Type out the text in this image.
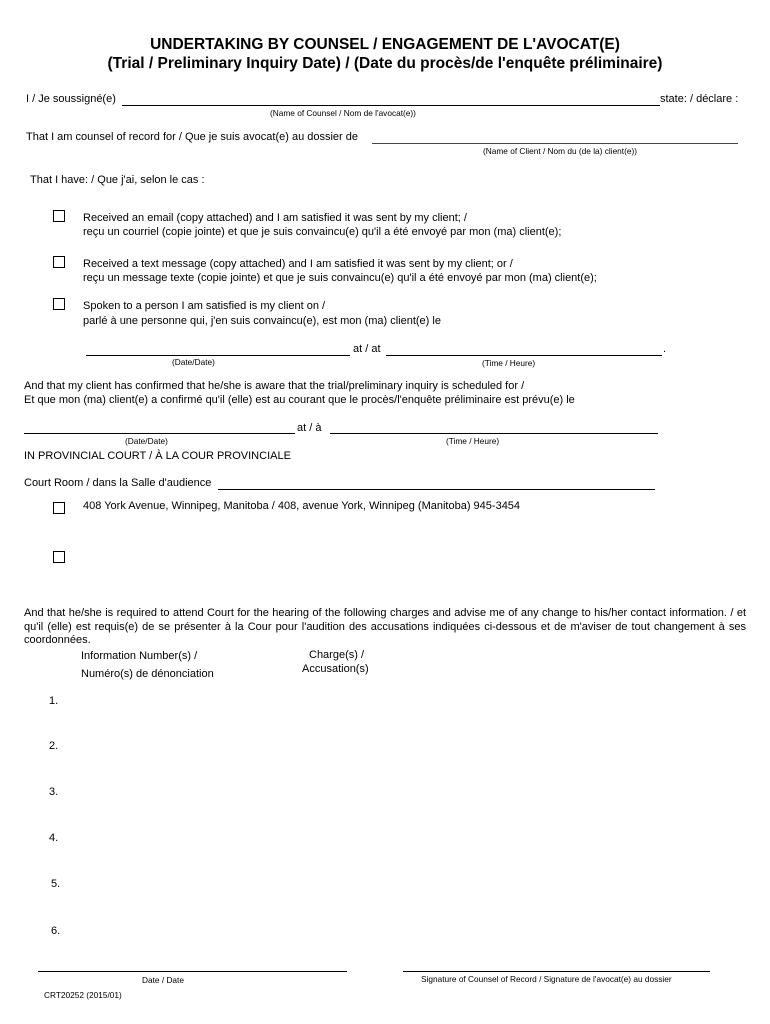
UNDERTAKING BY COUNSEL / ENGAGEMENT DE L'AVOCAT(E)
(Trial / Preliminary Inquiry Date) / (Date du procès/de l'enquête préliminaire)
I / Je soussigné(e)	state: / déclare :
(Name of Counsel / Nom de l'avocat(e))
That I am counsel of record for / Que je suis avocat(e) au dossier de
(Name of Client / Nom du (de la) client(e))
That I have: / Que j'ai, selon le cas :
Received an email (copy attached) and I am satisfied it was sent by my client; /
reçu un courriel (copie jointe) et que je suis convaincu(e) qu'il a été envoyé par mon (ma) client(e);
Received a text message (copy attached) and I am satisfied it was sent by my client; or /
reçu un message texte (copie jointe) et que je suis convaincu(e) qu'il a été envoyé par mon (ma) client(e);
Spoken to a person I am satisfied is my client on /
parlé à une personne qui, j'en suis convaincu(e), est mon (ma) client(e) le
at / at	.
(Date/Date)	(Time / Heure)
And that my client has confirmed that he/she is aware that the trial/preliminary inquiry is scheduled for /
Et que mon (ma) client(e) a confirmé qu'il (elle) est au courant que le procès/l'enquête préliminaire est prévu(e) le
at / à
(Date/Date)	(Time / Heure)
IN PROVINCIAL COURT / À LA COUR PROVINCIALE
Court Room / dans la Salle d'audience
408 York Avenue, Winnipeg, Manitoba / 408, avenue York, Winnipeg (Manitoba) 945-3454
And that he/she is required to attend Court for the hearing of the following charges and advise me of any change to his/her contact information. / et qu'il (elle) est requis(e) de se présenter à la Cour pour l'audition des accusations indiquées ci-dessous et de m'aviser de tout changement à ses coordonnées.
Information Number(s) /
Numéro(s) de dénonciation
Charge(s) /
Accusation(s)
1.
2.
3.
4.
5.
6.
Date / Date	Signature of Counsel of Record / Signature de l'avocat(e) au dossier
CRT20252 (2015/01)
